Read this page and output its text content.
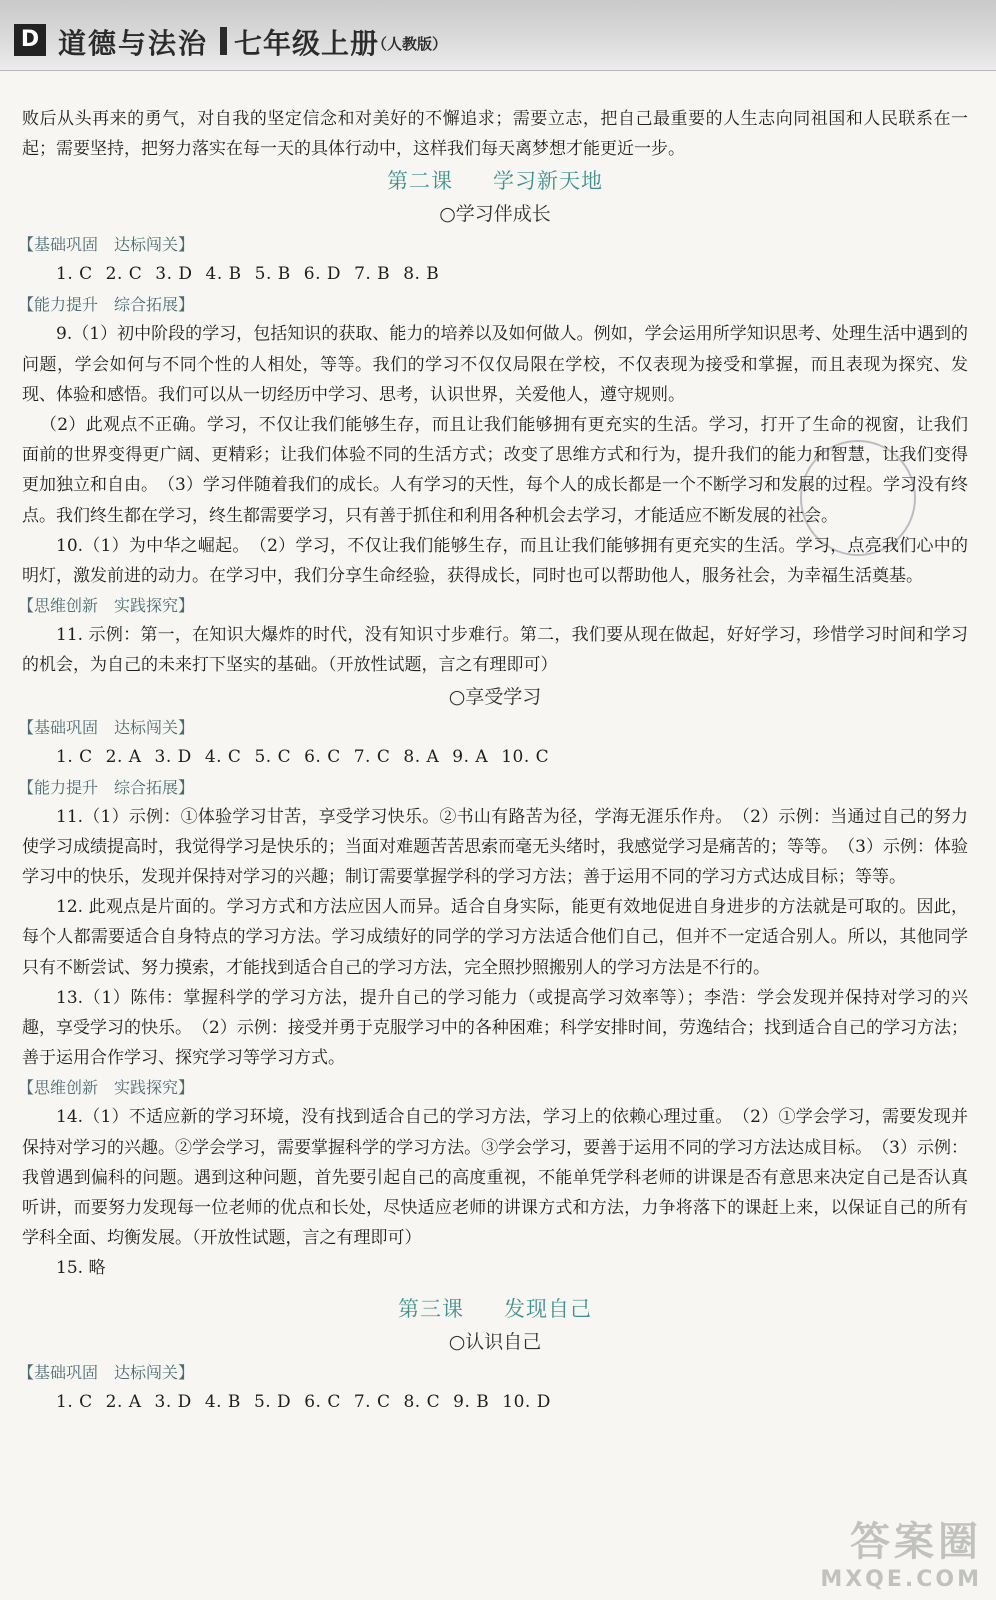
D 道德与法治 七年级上册
（人教版）

败后从头再来的勇气，对自我的坚定信念和对美好的不懈追求；需要立志，把自己最重要的人生志向同祖国和人民联系在一起；需要坚持，把努力落实在每一天的具体行动中，这样我们每天离梦想才能更近一步。

第二课 学习新天地
○学习伴成长
【基础巩固　达标闯关】
1. C 2. C 3. D 4. B 5. B 6. D 7. B 8. B
【能力提升　综合拓展】

9.（1）初中阶段的学习，包括知识的获取、能力的培养以及如何做人。例如，学会运用所学知识思考、处理生活中遇到的问题，学会如何与不同个性的人相处，等等。我们的学习不仅仅局限在学校，不仅表现为接受和掌握，而且表现为探究、发现、体验和感悟。我们可以从一切经历中学习、思考，认识世界，关爱他人，遵守规则。

（2）此观点不正确。学习，不仅让我们能够生存，而且让我们能够拥有更充实的生活。学习，打开了生命的视窗，让我们面前的世界变得更广阔、更精彩；让我们体验不同的生活方式；改变了思维方式和行为，提升我们的能力和智慧，让我们变得更加独立和自由。　（3）学习伴随着我们的成长。人有学习的天性，每个人的成长都是一个不断学习和发展的过程。学习没有终点。我们终生都在学习，终生都需要学习，只有善于抓住和利用各种机会去学习，才能适应不断发展的社会。

10.（1）为中华之崛起。　（2）学习，不仅让我们能够生存，而且让我们能够拥有更充实的生活。学习，点亮我们心中的明灯，激发前进的动力。在学习中，我们分享生命经验，获得成长，同时也可以帮助他人，服务社会，为幸福生活奠基。

【思维创新　实践探究】

11. 示例：第一，在知识大爆炸的时代，没有知识寸步难行。第二，我们要从现在做起，好好学习，珍惜学习时间和学习的机会，为自己的未来打下坚实的基础。（开放性试题，言之有理即可）

○享受学习
【基础巩固　达标闯关】
1. C 2. A 3. D 4. C 5. C 6. C 7. C 8. A 9. A 10. C
【能力提升　综合拓展】

11.（1）示例：①体验学习甘苦，享受学习快乐。②书山有路苦为径，学海无涯乐作舟。　（2）示例：当通过自己的努力使学习成绩提高时，我觉得学习是快乐的；当面对难题苦苦思索而毫无头绪时，我感觉学习是痛苦的；等等。　（3）示例：体验学习中的快乐，发现并保持对学习的兴趣；制订需要掌握学科的学习方法；善于运用不同的学习方式达成目标；等等。

12. 此观点是片面的。学习方式和方法应因人而异。适合自身实际，能更有效地促进自身进步的方法就是可取的。因此，每个人都需要适合自身特点的学习方法。学习成绩好的同学的学习方法适合他们自己，但并不一定适合别人。所以，其他同学只有不断尝试、努力摸索，才能找到适合自己的学习方法，完全照抄照搬别人的学习方法是不行的。

13.（1）陈伟：掌握科学的学习方法，提升自己的学习能力（或提高学习效率等）；李浩：学会发现并保持对学习的兴趣，享受学习的快乐。　（2）示例：接受并勇于克服学习中的各种困难；科学安排时间，劳逸结合；找到适合自己的学习方法；善于运用合作学习、探究学习等学习方式。

【思维创新　实践探究】

14.（1）不适应新的学习环境，没有找到适合自己的学习方法，学习上的依赖心理过重。　（2）①学会学习，需要发现并保持对学习的兴趣。②学会学习，需要掌握科学的学习方法。③学会学习，要善于运用不同的学习方法达成目标。　（3）示例：我曾遇到偏科的问题。遇到这种问题，首先要引起自己的高度重视，不能单凭学科老师的讲课是否有意思来决定自己是否认真听讲，而要努力发现每一位老师的优点和长处，尽快适应老师的讲课方式和方法，力争将落下的课赶上来，以保证自己的所有学科全面、均衡发展。（开放性试题，言之有理即可）

15. 略

第三课 发现自己
○认识自己
【基础巩固　达标闯关】
1. C 2. A 3. D 4. B 5. D 6. C 7. C 8. C 9. B 10. D
答案圈
MXQE.COM
